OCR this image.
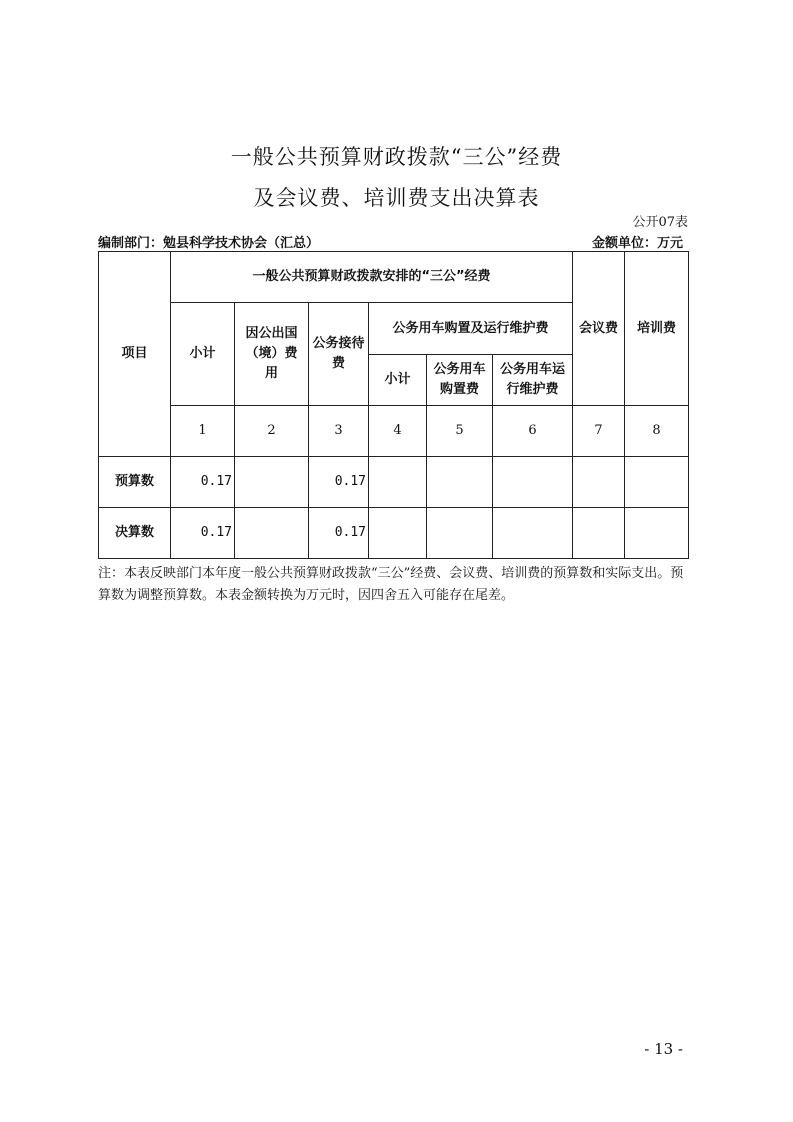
一般公共预算财政拨款“三公”经费
及会议费、培训费支出决算表
公开07表
编制部门：勉县科学技术协会（汇总）	金额单位：万元
项目	一般公共预算财政拨款安排的“三公”经费						会议费	培训费
	小计	因公出国（境）费用	公务接待费	公务用车购置及运行维护费				
				小计	公务用车购置费	公务用车运行维护费		
	1	2	3	4	5	6	7	8
预算数	0.17		0.17					
决算数	0.17		0.17					
注：本表反映部门本年度一般公共预算财政拨款“三公”经费、会议费、培训费的预算数和实际支出。预算数为调整预算数。本表金额转换为万元时，因四舍五入可能存在尾差。
- 13 -
